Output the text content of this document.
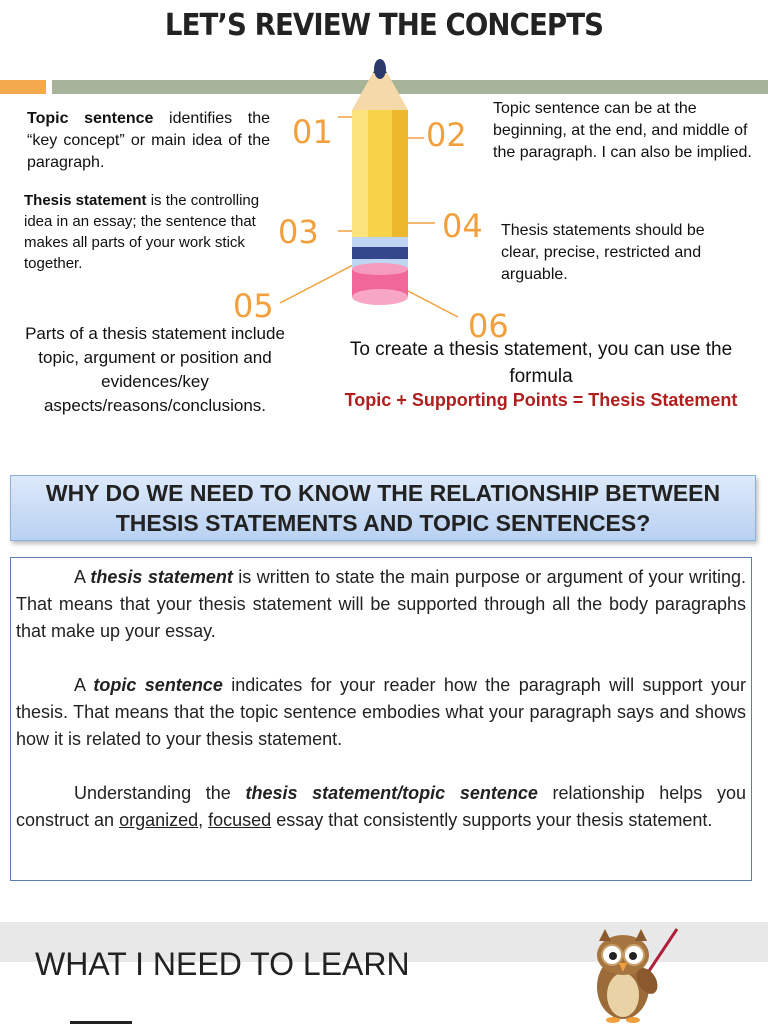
LET’S REVIEW THE CONCEPTS
01	02
03	04
05
06
Topic sentence identifies the “key concept” or main idea of the paragraph.
Topic sentence can be at the beginning, at the end, and middle of the paragraph. I can also be implied.
Thesis statement is the controlling idea in an essay; the sentence that makes all parts of your work stick together.
Thesis statements should be clear, precise, restricted and arguable.
Parts of a thesis statement include topic, argument or position and evidences/key aspects/reasons/conclusions.
To create a thesis statement, you can use the formula
Topic + Supporting Points = Thesis Statement
WHY DO WE NEED TO KNOW THE RELATIONSHIP BETWEEN THESIS STATEMENTS AND TOPIC SENTENCES?

A thesis statement is written to state the main purpose or argument of your writing. That means that your thesis statement will be supported through all the body paragraphs that make up your essay.

A topic sentence indicates for your reader how the paragraph will support your thesis. That means that the topic sentence embodies what your paragraph says and shows how it is related to your thesis statement.

Understanding the thesis statement/topic sentence relationship helps you construct an organized, focused essay that consistently supports your thesis statement.

WHAT I NEED TO LEARN
